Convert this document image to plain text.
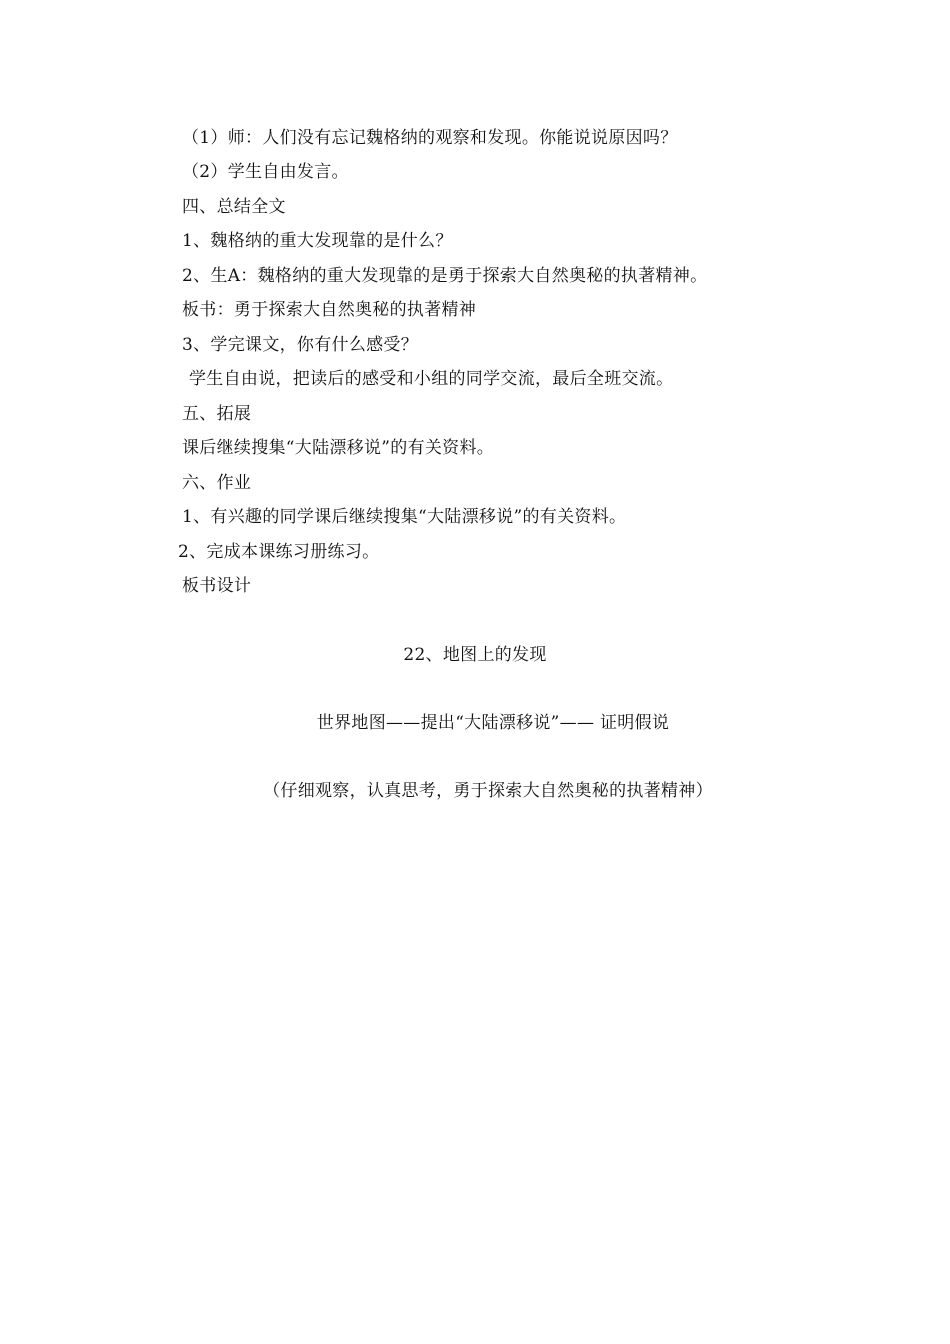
（1）师：人们没有忘记魏格纳的观察和发现。你能说说原因吗？
（2）学生自由发言。
四、总结全文
1、魏格纳的重大发现靠的是什么？
2、生A：魏格纳的重大发现靠的是勇于探索大自然奥秘的执著精神。
板书：勇于探索大自然奥秘的执著精神
3、学完课文，你有什么感受？
学生自由说，把读后的感受和小组的同学交流，最后全班交流。
五、拓展
课后继续搜集“大陆漂移说”的有关资料。
六、作业
1、有兴趣的同学课后继续搜集“大陆漂移说”的有关资料。
2、完成本课练习册练习。
板书设计
22、地图上的发现
世界地图——提出“大陆漂移说”—— 证明假说
（仔细观察，认真思考，勇于探索大自然奥秘的执著精神）
